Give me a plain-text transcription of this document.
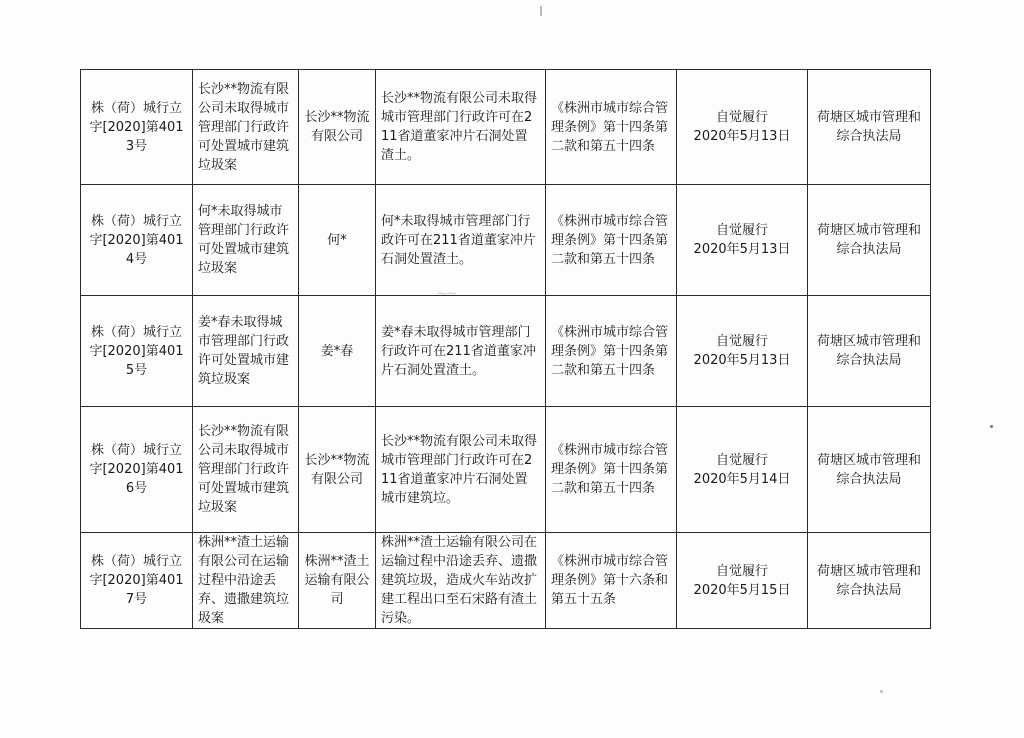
~~
株（荷）城行立字[2020]第4013号	长沙**物流有限公司未取得城市管理部门行政许可处置城市建筑垃圾案	长沙**物流有限公司	长沙**物流有限公司未取得城市管理部门行政许可在211省道董家冲片石洞处置渣土。	《株洲市城市综合管理条例》第十四条第二款和第五十四条	自觉履行
2020年5月13日	荷塘区城市管理和综合执法局
株（荷）城行立字[2020]第4014号	何*未取得城市管理部门行政许可处置城市建筑垃圾案	何*	何*未取得城市管理部门行政许可在211省道董家冲片石洞处置渣土。	《株洲市城市综合管理条例》第十四条第二款和第五十四条	自觉履行
2020年5月13日	荷塘区城市管理和综合执法局
株（荷）城行立字[2020]第4015号	姜*春未取得城市管理部门行政许可处置城市建筑垃圾案	姜*春	姜*春未取得城市管理部门行政许可在211省道董家冲片石洞处置渣土。	《株洲市城市综合管理条例》第十四条第二款和第五十四条	自觉履行
2020年5月13日	荷塘区城市管理和综合执法局
株（荷）城行立字[2020]第4016号	长沙**物流有限公司未取得城市管理部门行政许可处置城市建筑垃圾案	长沙**物流有限公司	长沙**物流有限公司未取得城市管理部门行政许可在211省道董家冲片石洞处置城市建筑垃。	《株洲市城市综合管理条例》第十四条第二款和第五十四条	自觉履行
2020年5月14日	荷塘区城市管理和综合执法局
株（荷）城行立字[2020]第4017号	株洲**渣土运输有限公司在运输过程中沿途丢弃、遗撒建筑垃圾案	株洲**渣土运输有限公司	株洲**渣土运输有限公司在运输过程中沿途丢弃、遗撒建筑垃圾，造成火车站改扩建工程出口至石宋路有渣土污染。	《株洲市城市综合管理条例》第十六条和第五十五条	自觉履行
2020年5月15日	荷塘区城市管理和综合执法局
